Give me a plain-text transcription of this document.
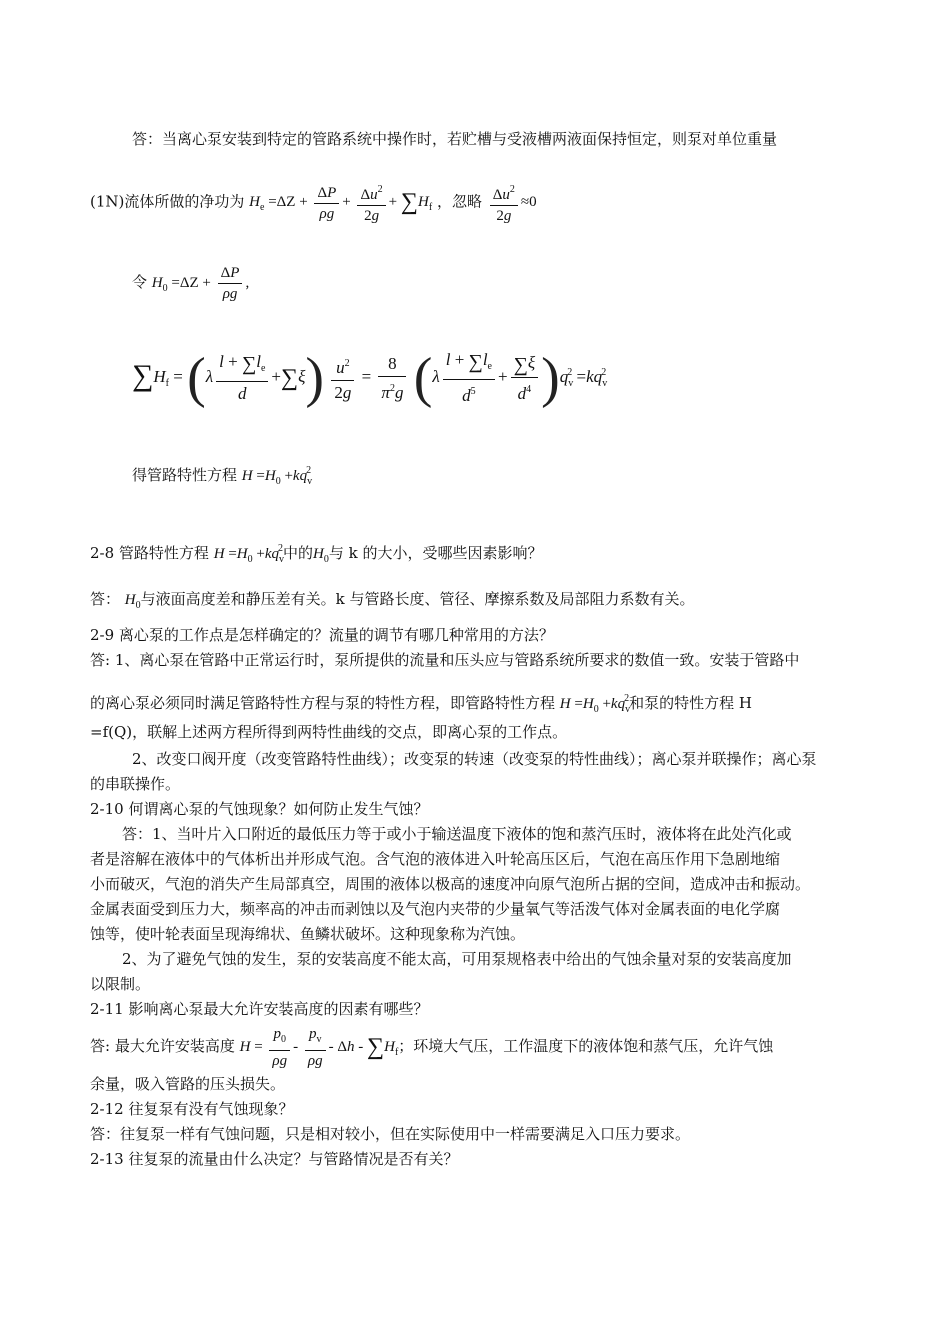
答：当离心泵安装到特定的管路系统中操作时，若贮槽与受液槽两液面保持恒定，则泵对单位重量
(1N)流体所做的净功为 $H_e =\Delta Z + \frac{\Delta P}{\rho g} + \frac{\Delta u^2}{2g} + \sum H_f$ ，忽略 $\frac{\Delta u^2}{2g} \approx 0$
令 $H_0 =\Delta Z + \frac{\Delta P}{\rho g}$ ,
$\sum H_f = (\lambda \frac{l + \sum l_e}{d} +\sum\xi) \frac{u^2}{2g} = \frac{8}{\pi^2g} (\lambda \frac{l + \sum l_e}{d^5} + \frac{\sum\xi}{d^4} )q_v^2 =kq_v^2$
得管路特性方程 $H =H_0 +kq_v^2$
2-8 管路特性方程 $H =H_0 +kq_v^2$中的$H_0$与 k 的大小，受哪些因素影响？
答： $H_0$与液面高度差和静压差有关。k 与管路长度、管径、摩擦系数及局部阻力系数有关。
2-9 离心泵的工作点是怎样确定的？流量的调节有哪几种常用的方法？
答: 1、离心泵在管路中正常运行时，泵所提供的流量和压头应与管路系统所要求的数值一致。安装于管路中
的离心泵必须同时满足管路特性方程与泵的特性方程，即管路特性方程 $H =H_0 +kq_v^2$和泵的特性方程 H
=f(Q)，联解上述两方程所得到两特性曲线的交点，即离心泵的工作点。
2、改变口阀开度（改变管路特性曲线）；改变泵的转速（改变泵的特性曲线）；离心泵并联操作；离心泵
的串联操作。
2-10 何谓离心泵的气蚀现象？如何防止发生气蚀？
答：1、当叶片入口附近的最低压力等于或小于输送温度下液体的饱和蒸汽压时，液体将在此处汽化或
者是溶解在液体中的气体析出并形成气泡。含气泡的液体进入叶轮高压区后，气泡在高压作用下急剧地缩
小而破灭，气泡的消失产生局部真空，周围的液体以极高的速度冲向原气泡所占据的空间，造成冲击和振动。
金属表面受到压力大，频率高的冲击而剥蚀以及气泡内夹带的少量氧气等活泼气体对金属表面的电化学腐
蚀等，使叶轮表面呈现海绵状、鱼鳞状破坏。这种现象称为汽蚀。
2、为了避免气蚀的发生，泵的安装高度不能太高，可用泵规格表中给出的气蚀余量对泵的安装高度加
以限制。
2-11 影响离心泵最大允许安装高度的因素有哪些？
答: 最大允许安装高度 $H = \frac{p_0}{\rho g} - \frac{p_v}{\rho g} - \Delta h - \sum H_f$；环境大气压，工作温度下的液体饱和蒸气压，允许气蚀
余量，吸入管路的压头损失。
2-12 往复泵有没有气蚀现象？
答：往复泵一样有气蚀问题，只是相对较小，但在实际使用中一样需要满足入口压力要求。
2-13 往复泵的流量由什么决定？与管路情况是否有关？
